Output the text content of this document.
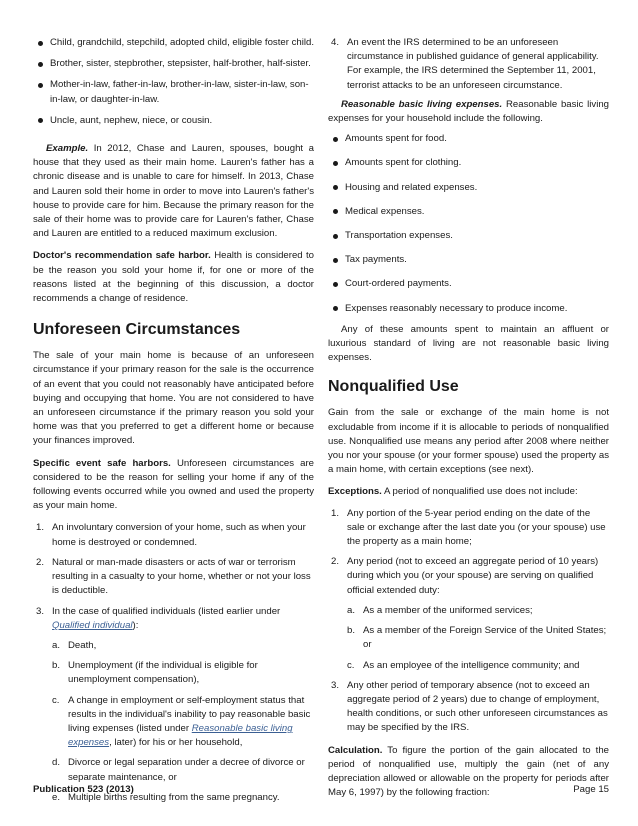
Child, grandchild, stepchild, adopted child, eligible foster child.

Brother, sister, stepbrother, stepsister, half-brother, half-sister.

Mother-in-law, father-in-law, brother-in-law, sister-in-law, son-in-law, or daughter-in-law.

Uncle, aunt, nephew, niece, or cousin.

Example. In 2012, Chase and Lauren, spouses, bought a house that they used as their main home. Lauren's father has a chronic disease and is unable to care for himself. In 2013, Chase and Lauren sold their home in order to move into Lauren's father's house to provide care for him. Because the primary reason for the sale of their home was to provide care for Lauren's father, Chase and Lauren are entitled to a reduced maximum exclusion.

Doctor's recommendation safe harbor. Health is considered to be the reason you sold your home if, for one or more of the reasons listed at the beginning of this discussion, a doctor recommends a change of residence.

Unforeseen Circumstances

The sale of your main home is because of an unforeseen circumstance if your primary reason for the sale is the occurrence of an event that you could not reasonably have anticipated before buying and occupying that home. You are not considered to have an unforeseen circumstance if the primary reason you sold your home was that you preferred to get a different home or because your finances improved.

Specific event safe harbors. Unforeseen circumstances are considered to be the reason for selling your home if any of the following events occurred while you owned and used the property as your main home.

1. An involuntary conversion of your home, such as when your home is destroyed or condemned.
2. Natural or man-made disasters or acts of war or terrorism resulting in a casualty to your home, whether or not your loss is deductible.
3. In the case of qualified individuals (listed earlier under Qualified individual):
a. Death,
b. Unemployment (if the individual is eligible for unemployment compensation),
c. A change in employment or self-employment status that results in the individual's inability to pay reasonable basic living expenses (listed under Reasonable basic living expenses, later) for his or her household,
d. Divorce or legal separation under a decree of divorce or separate maintenance, or
e. Multiple births resulting from the same pregnancy.
4. An event the IRS determined to be an unforeseen circumstance in published guidance of general applicability. For example, the IRS determined the September 11, 2001, terrorist attacks to be an unforeseen circumstance.

Reasonable basic living expenses. Reasonable basic living expenses for your household include the following.

Amounts spent for food.

Amounts spent for clothing.

Housing and related expenses.

Medical expenses.

Transportation expenses.

Tax payments.

Court-ordered payments.

Expenses reasonably necessary to produce income.

Any of these amounts spent to maintain an affluent or luxurious standard of living are not reasonable basic living expenses.

Nonqualified Use

Gain from the sale or exchange of the main home is not excludable from income if it is allocable to periods of nonqualified use. Nonqualified use means any period after 2008 where neither you nor your spouse (or your former spouse) used the property as a main home, with certain exceptions (see next).

Exceptions. A period of nonqualified use does not include:

1. Any portion of the 5-year period ending on the date of the sale or exchange after the last date you (or your spouse) use the property as a main home;
2. Any period (not to exceed an aggregate period of 10 years) during which you (or your spouse) are serving on qualified official extended duty:
a. As a member of the uniformed services;
b. As a member of the Foreign Service of the United States; or
c. As an employee of the intelligence community; and
3. Any other period of temporary absence (not to exceed an aggregate period of 2 years) due to change of employment, health conditions, or such other unforeseen circumstances as may be specified by the IRS.

Calculation. To figure the portion of the gain allocated to the period of nonqualified use, multiply the gain (net of any depreciation allowed or allowable on the property for periods after May 6, 1997) by the following fraction:

Publication 523 (2013)	Page 15
